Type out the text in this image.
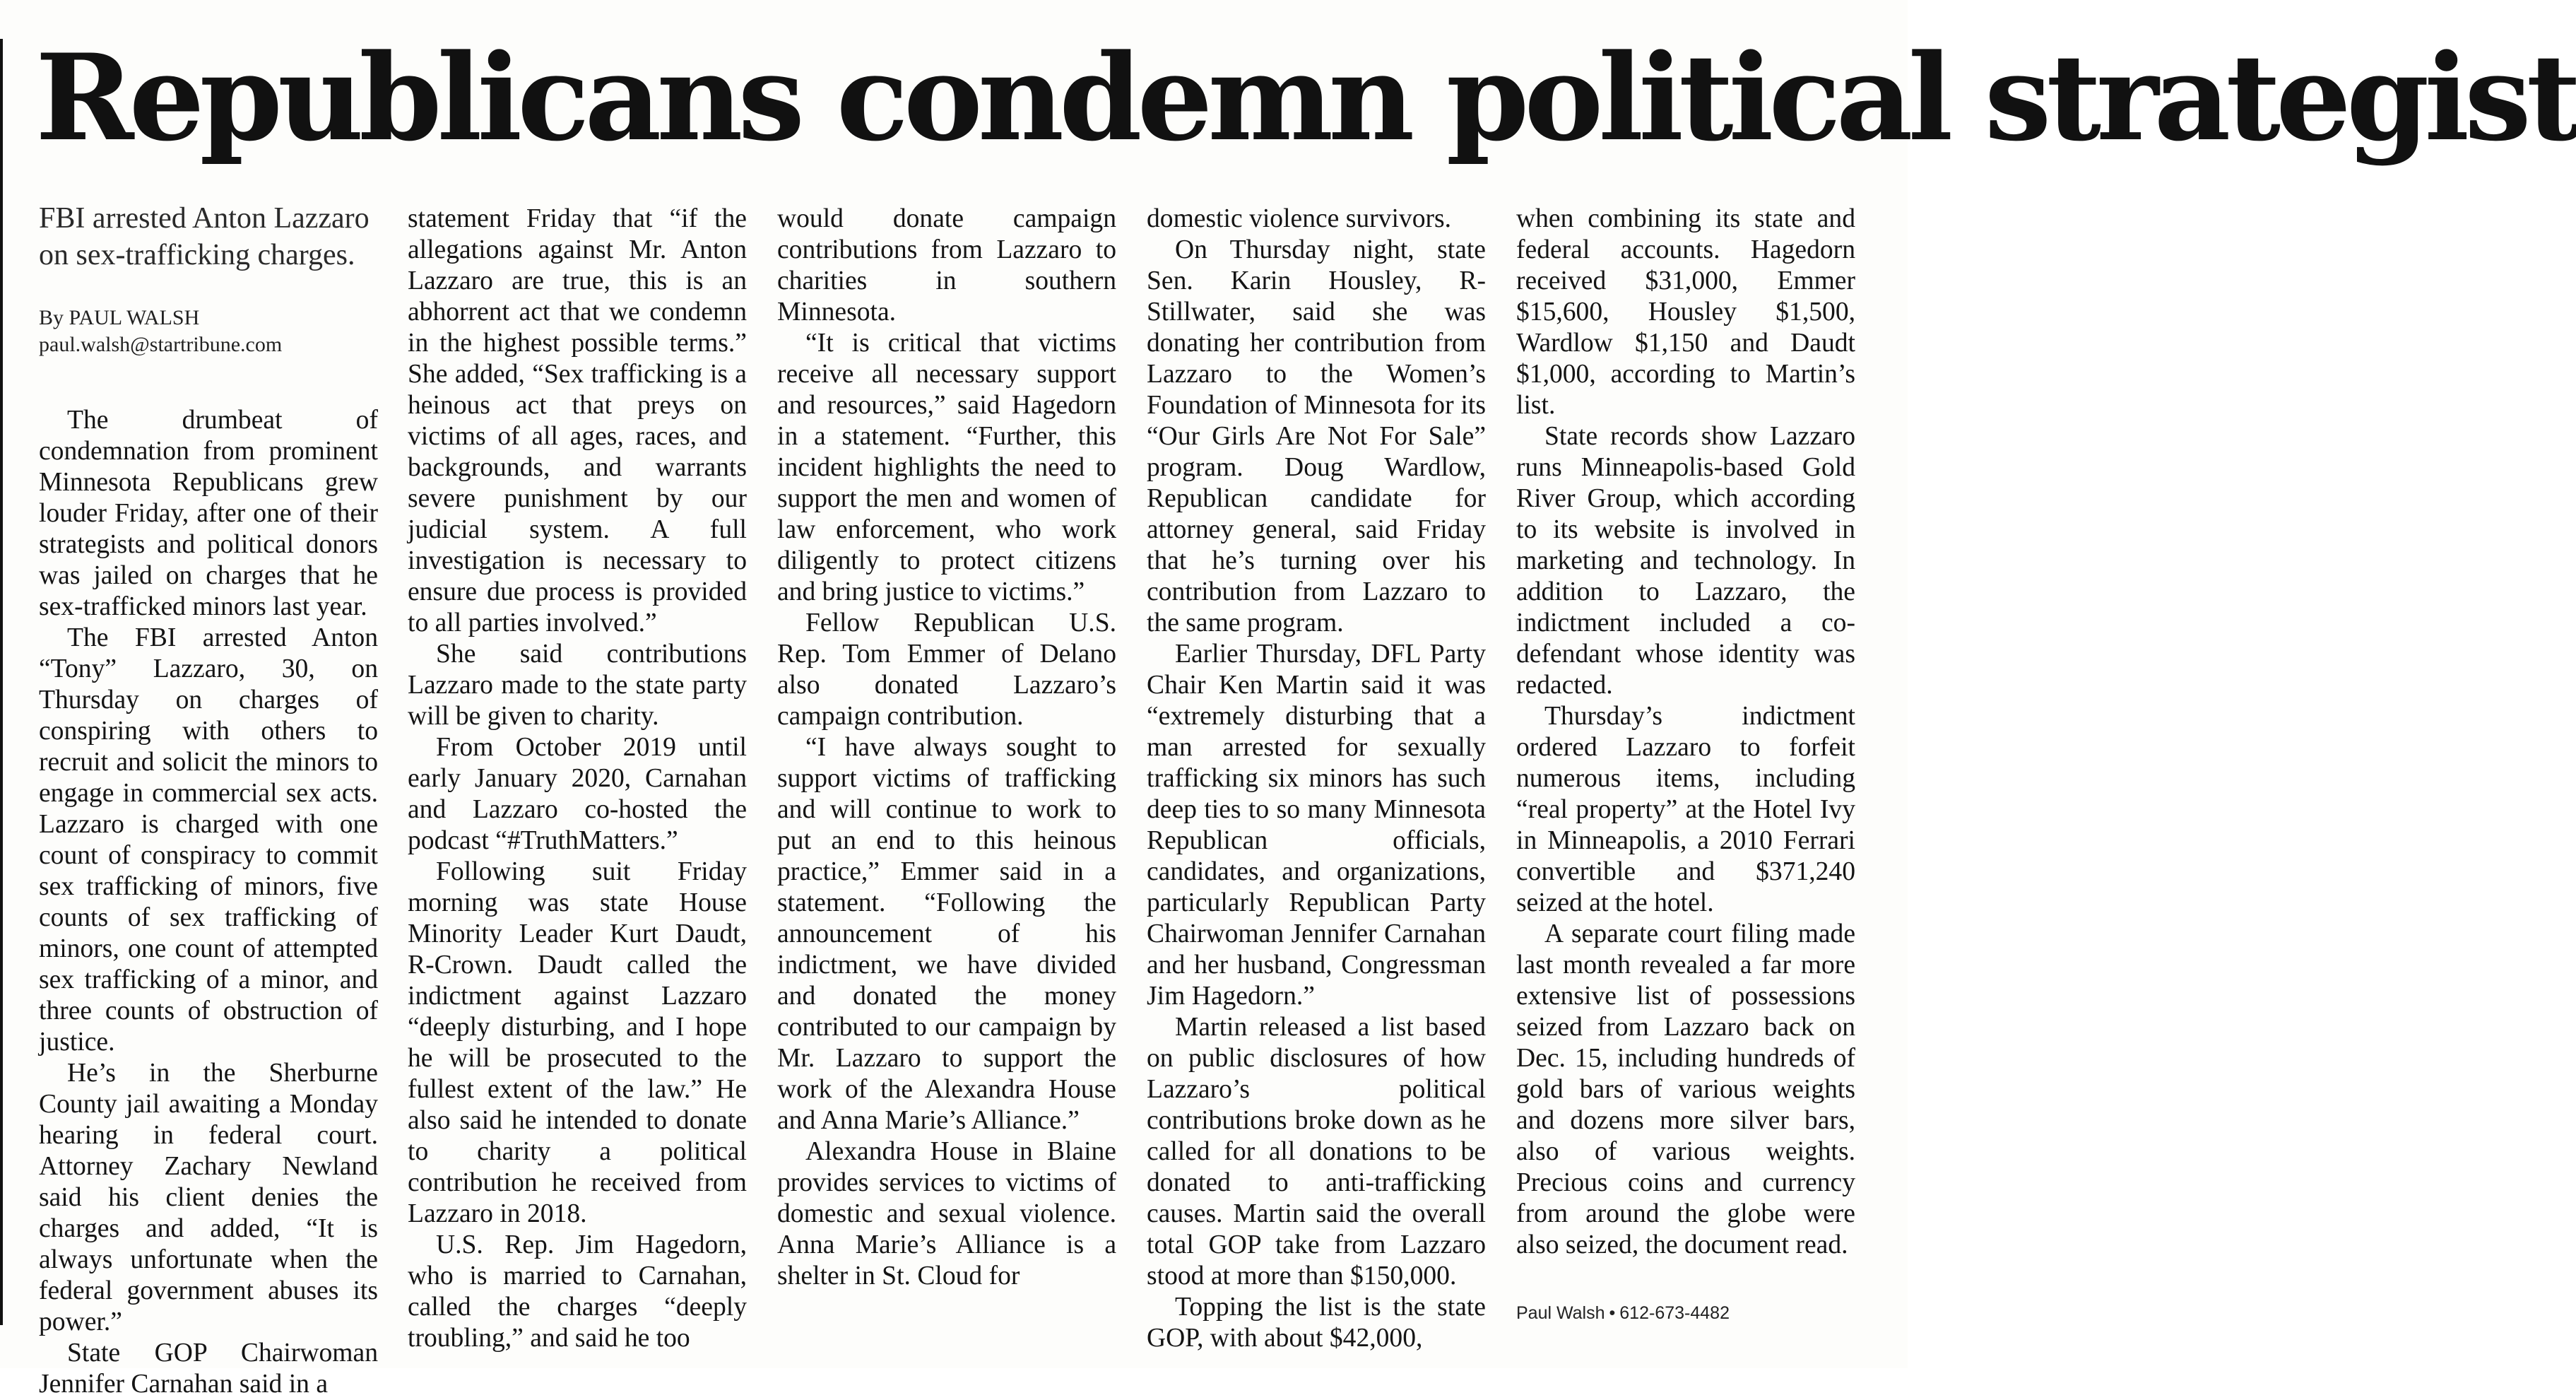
Republicans condemn political strategist
FBI arrested Anton Lazzaro on sex-trafficking charges.
By PAUL WALSH
paul.walsh@startribune.com

The drumbeat of condemnation from prominent Minnesota Republicans grew louder Friday, after one of their strategists and political donors was jailed on charges that he sex-trafficked minors last year.

The FBI arrested Anton “Tony” Lazzaro, 30, on Thursday on charges of conspiring with others to recruit and solicit the minors to engage in commercial sex acts. Lazzaro is charged with one count of conspiracy to commit sex trafficking of minors, five counts of sex trafficking of minors, one count of attempted sex trafficking of a minor, and three counts of obstruction of justice.

He’s in the Sherburne County jail awaiting a Monday hearing in federal court. Attorney Zachary Newland said his client denies the charges and added, “It is always unfortunate when the federal government abuses its power.”

State GOP Chairwoman Jennifer Carnahan said in a

statement Friday that “if the allegations against Mr. Anton Lazzaro are true, this is an abhorrent act that we condemn in the highest possible terms.” She added, “Sex trafficking is a heinous act that preys on victims of all ages, races, and backgrounds, and warrants severe punishment by our judicial system. A full investigation is necessary to ensure due process is provided to all parties involved.”

She said contributions Lazzaro made to the state party will be given to charity.

From October 2019 until early January 2020, Carnahan and Lazzaro co-hosted the podcast “#TruthMatters.”

Following suit Friday morning was state House Minority Leader Kurt Daudt, R-Crown. Daudt called the indictment against Lazzaro “deeply disturbing, and I hope he will be prosecuted to the fullest extent of the law.” He also said he intended to donate to charity a political contribution he received from Lazzaro in 2018.

U.S. Rep. Jim Hagedorn, who is married to Carnahan, called the charges “deeply troubling,” and said he too

would donate campaign contributions from Lazzaro to charities in southern Minnesota.

“It is critical that victims receive all necessary support and resources,” said Hagedorn in a statement. “Further, this incident highlights the need to support the men and women of law enforcement, who work diligently to protect citizens and bring justice to victims.”

Fellow Republican U.S. Rep. Tom Emmer of Delano also donated Lazzaro’s campaign contribution.

“I have always sought to support victims of trafficking and will continue to work to put an end to this heinous practice,” Emmer said in a statement. “Following the announcement of his indictment, we have divided and donated the money contributed to our campaign by Mr. Lazzaro to support the work of the Alexandra House and Anna Marie’s Alliance.”

Alexandra House in Blaine provides services to victims of domestic and sexual violence. Anna Marie’s Alliance is a shelter in St. Cloud for

domestic violence survivors.

On Thursday night, state Sen. Karin Housley, R-Stillwater, said she was donating her contribution from Lazzaro to the Women’s Foundation of Minnesota for its “Our Girls Are Not For Sale” program. Doug Wardlow, Republican candidate for attorney general, said Friday that he’s turning over his contribution from Lazzaro to the same program.

Earlier Thursday, DFL Party Chair Ken Martin said it was “extremely disturbing that a man arrested for sexually trafficking six minors has such deep ties to so many Minnesota Republican officials, candidates, and organizations, particularly Republican Party Chairwoman Jennifer Carnahan and her husband, Congressman Jim Hagedorn.”

Martin released a list based on public disclosures of how Lazzaro’s political contributions broke down as he called for all donations to be donated to anti-trafficking causes. Martin said the overall total GOP take from Lazzaro stood at more than $150,000.

Topping the list is the state GOP, with about $42,000,

when combining its state and federal accounts. Hagedorn received $31,000, Emmer $15,600, Housley $1,500, Wardlow $1,150 and Daudt $1,000, according to Martin’s list.

State records show Lazzaro runs Minneapolis-based Gold River Group, which according to its website is involved in marketing and technology. In addition to Lazzaro, the indictment included a co-defendant whose identity was redacted.

Thursday’s indictment ordered Lazzaro to forfeit numerous items, including “real property” at the Hotel Ivy in Minneapolis, a 2010 Ferrari convertible and $371,240 seized at the hotel.

A separate court filing made last month revealed a far more extensive list of possessions seized from Lazzaro back on Dec. 15, including hundreds of gold bars of various weights and dozens more silver bars, also of various weights. Precious coins and currency from around the globe were also seized, the document read.

Paul Walsh • 612-673-4482
